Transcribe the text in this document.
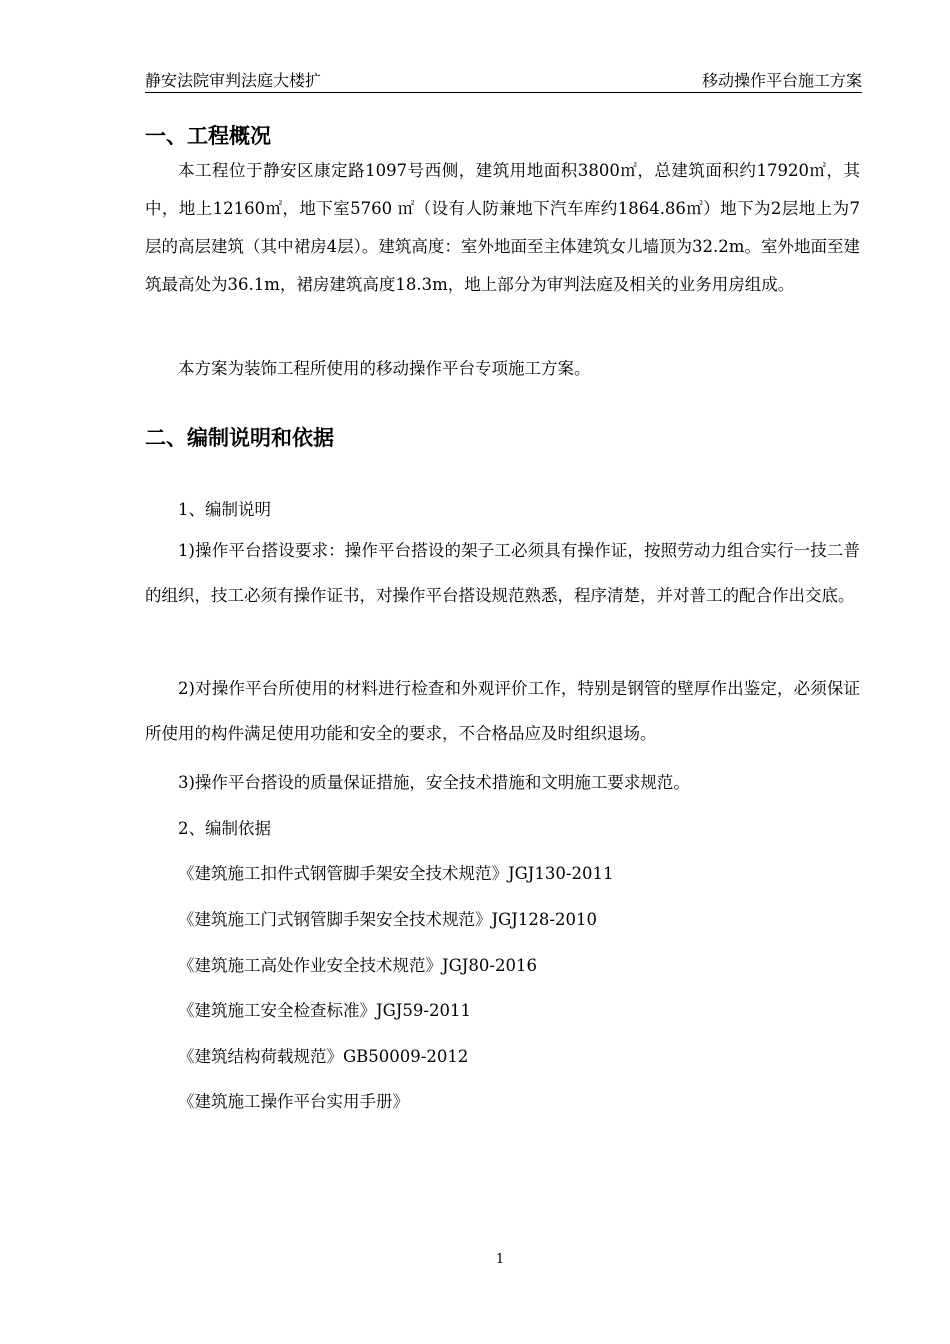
静安法院审判法庭大楼扩	移动操作平台施工方案
一、工程概况
本工程位于静安区康定路1097号西侧，建筑用地面积3800㎡，总建筑面积约17920㎡，其中，地上12160㎡，地下室5760 ㎡（设有人防兼地下汽车库约1864.86㎡）地下为2层地上为7层的高层建筑（其中裙房4层）。建筑高度：室外地面至主体建筑女儿墙顶为32.2m。室外地面至建筑最高处为36.1m，裙房建筑高度18.3m，地上部分为审判法庭及相关的业务用房组成。
本方案为装饰工程所使用的移动操作平台专项施工方案。
二、编制说明和依据
1、编制说明
1)操作平台搭设要求：操作平台搭设的架子工必须具有操作证，按照劳动力组合实行一技二普的组织，技工必须有操作证书，对操作平台搭设规范熟悉，程序清楚，并对普工的配合作出交底。
2)对操作平台所使用的材料进行检查和外观评价工作，特别是钢管的壁厚作出鉴定，必须保证所使用的构件满足使用功能和安全的要求，不合格品应及时组织退场。
3)操作平台搭设的质量保证措施，安全技术措施和文明施工要求规范。
2、编制依据
《建筑施工扣件式钢管脚手架安全技术规范》JGJ130-2011
《建筑施工门式钢管脚手架安全技术规范》JGJ128-2010
《建筑施工高处作业安全技术规范》JGJ80-2016
《建筑施工安全检查标准》JGJ59-2011
《建筑结构荷载规范》GB50009-2012
《建筑施工操作平台实用手册》
1
